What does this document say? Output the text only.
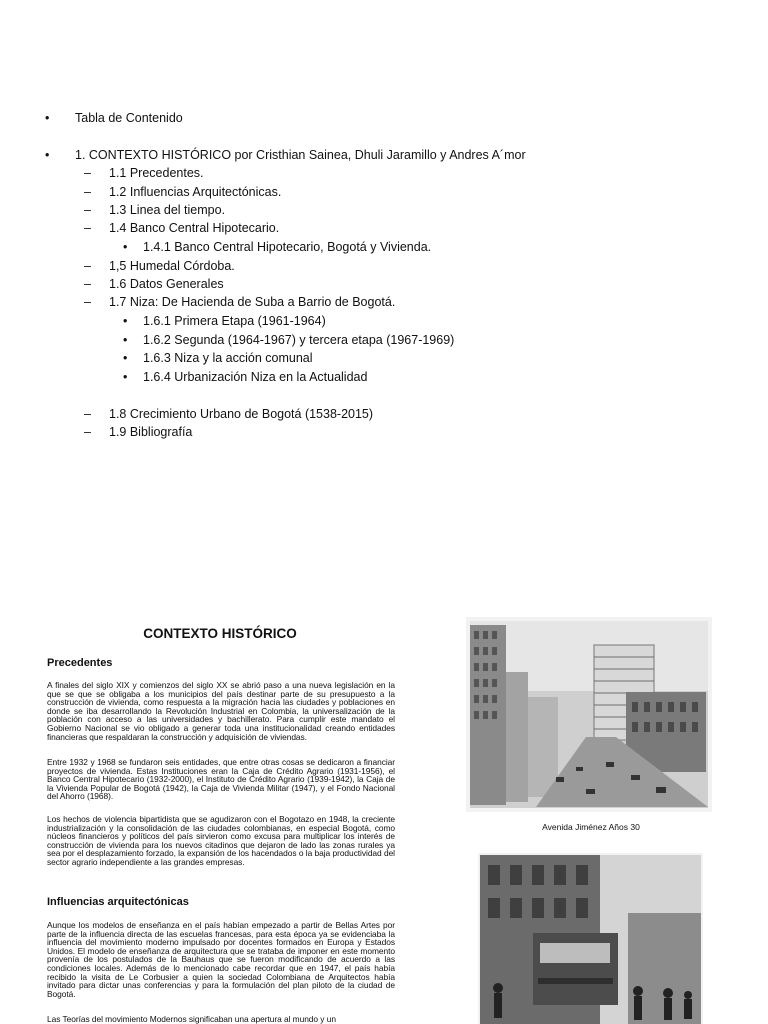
• Tabla de Contenido
• 1. CONTEXTO HISTÓRICO por Cristhian Sainea, Dhuli Jaramillo y Andres A´mor
– 1.1 Precedentes.
– 1.2 Influencias Arquitectónicas.
– 1.3 Linea del tiempo.
– 1.4 Banco Central Hipotecario.
• 1.4.1 Banco Central Hipotecario, Bogotá y Vivienda.
– 1,5 Humedal Córdoba.
– 1.6 Datos Generales
– 1.7 Niza: De Hacienda de Suba a Barrio de Bogotá.
• 1.6.1 Primera Etapa (1961-1964)
• 1.6.2 Segunda (1964-1967) y tercera etapa (1967-1969)
• 1.6.3 Niza y la acción comunal
• 1.6.4 Urbanización Niza en la Actualidad
– 1.8 Crecimiento Urbano de Bogotá (1538-2015)
– 1.9 Bibliografía
CONTEXTO HISTÓRICO
Precedentes

A finales del siglo XIX y comienzos del siglo XX se abrió paso a una nueva legislación en la que se que se obligaba a los municipios del país destinar parte de su presupuesto a la construcción de vivienda, como respuesta a la migración hacia las ciudades y poblaciones en donde se iba desarrollando la Revolución Industrial en Colombia, la universalización de la población con acceso a las universidades y bachillerato. Para cumplir este mandato el Gobierno Nacional se vio obligado a generar toda una institucionalidad creando entidades financieras que respaldaran la construcción y adquisición de viviendas.

Entre 1932 y 1968 se fundaron seis entidades, que entre otras cosas se dedicaron a financiar proyectos de vivienda. Estas Instituciones eran la Caja de Crédito Agrario (1931-1956), el Banco Central Hipotecario (1932-2000), el Instituto de Crédito Agrario (1939-1942), la Caja de la Vivienda Popular de Bogotá (1942), la Caja de Vivienda Militar (1947), y el Fondo Nacional del Ahorro (1968).

Los hechos de violencia bipartidista que se agudizaron con el Bogotazo en 1948, la creciente industrialización y la consolidación de las ciudades colombianas, en especial Bogotá, como núcleos financieros y políticos del país sirvieron como excusa para multiplicar los interés de construcción de vivienda para los nuevos citadinos que dejaron de lado las zonas rurales ya sea por el desplazamiento forzado, la expansión de los hacendados o la baja productividad del sector agrario independiente a las grandes empresas.

Influencias arquitectónicas

Aunque los modelos de enseñanza en el país habían empezado a partir de Bellas Artes por parte de la influencia directa de las escuelas francesas, para esta época ya se evidenciaba la influencia del movimiento moderno impulsado por docentes formados en Europa y Estados Unidos. El modelo de enseñanza de arquitectura que se trataba de imponer en este momento provenía de los postulados de la Bauhaus que se fueron modificando de acuerdo a las condiciones locales. Además de lo mencionado cabe recordar que en 1947, el país había recibido la visita de Le Corbusier a quien la sociedad Colombiana de Arquitectos había invitado para dictar unas conferencias y para la formulación del plan piloto de la ciudad de Bogotá.

Las Teorías del movimiento Modernos significaban una apertura al mundo y un

Avenida Jiménez Años 30
